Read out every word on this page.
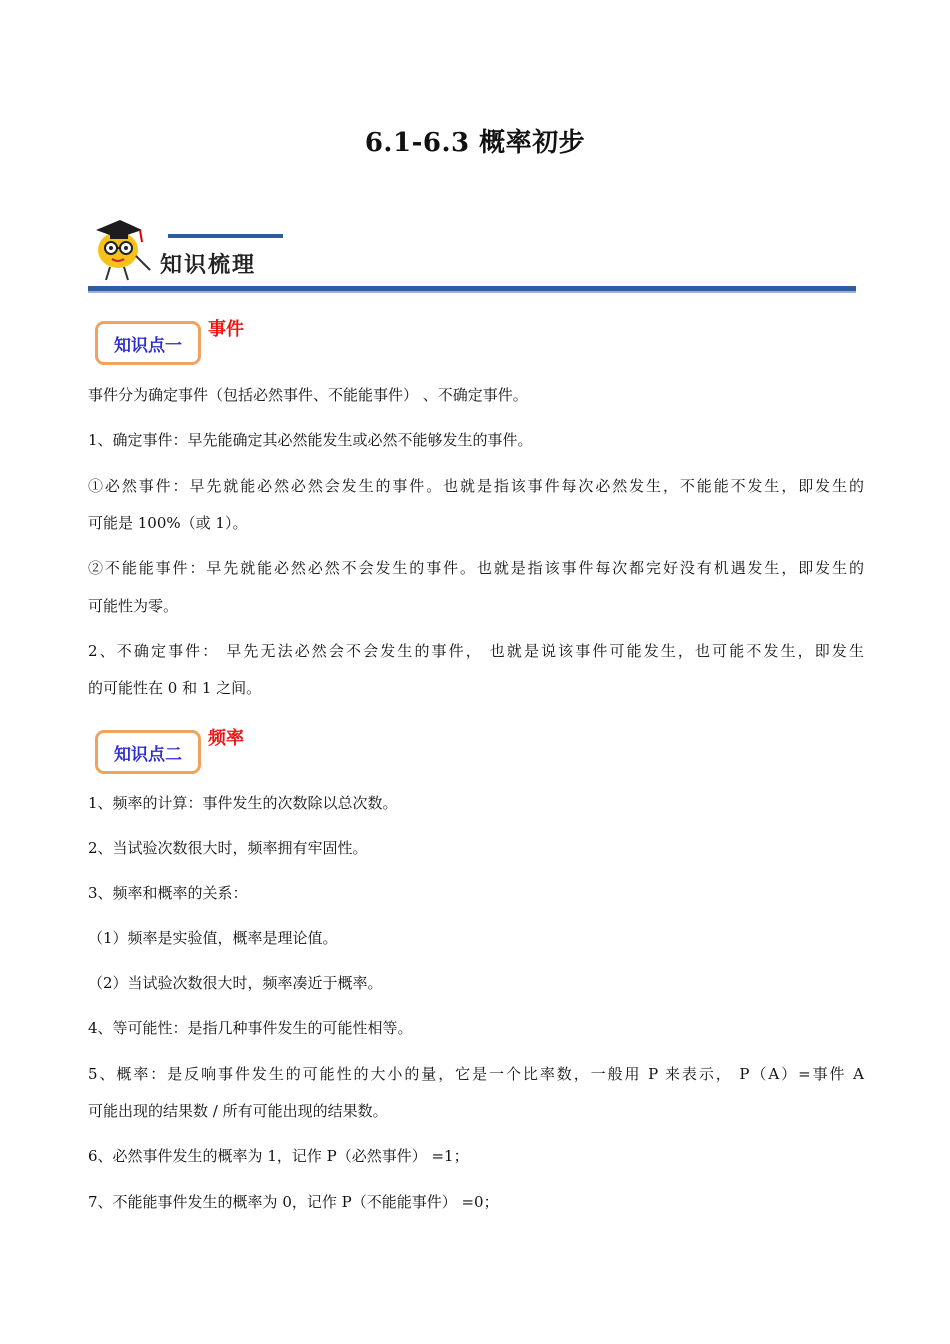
6.1-6.3 概率初步
知识梳理
知识点一
事件
事件分为确定事件（包括必然事件、不能能事件） 、不确定事件。
1、确定事件：早先能确定其必然能发生或必然不能够发生的事件。
①必然事件：早先就能必然必然会发生的事件。也就是指该事件每次必然发生，不能能不发生，即发生的
可能是 100%（或 1）。
②不能能事件：早先就能必然必然不会发生的事件。也就是指该事件每次都完好没有机遇发生，即发生的
可能性为零。
2、不确定事件： 早先无法必然会不会发生的事件， 也就是说该事件可能发生，也可能不发生，即发生
的可能性在 0 和 1 之间。
知识点二
频率
1、频率的计算：事件发生的次数除以总次数。
2、当试验次数很大时，频率拥有牢固性。
3、频率和概率的关系：
（1）频率是实验值，概率是理论值。
（2）当试验次数很大时，频率凑近于概率。
4、等可能性：是指几种事件发生的可能性相等。
5、概率：是反响事件发生的可能性的大小的量，它是一个比率数，一般用 P 来表示， P（A）=事件 A
可能出现的结果数 / 所有可能出现的结果数。
6、必然事件发生的概率为 1，记作 P（必然事件） =1；
7、不能能事件发生的概率为 0，记作 P（不能能事件） =0；
